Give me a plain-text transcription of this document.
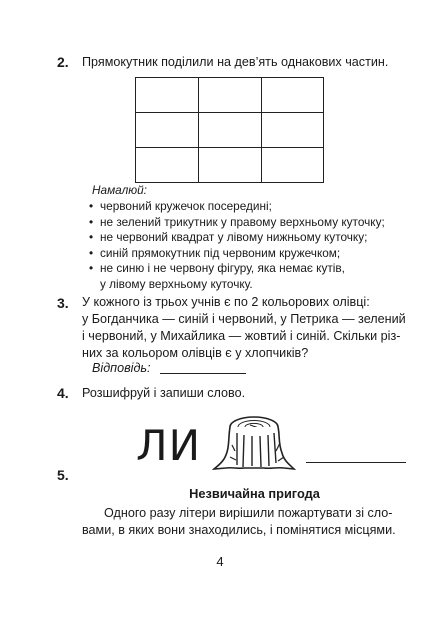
2. Прямокутник поділили на дев’ять однакових частин.
Намалюй:
• червоний кружечок посередині;
• не зелений трикутник у правому верхньому куточку;
• не червоний квадрат у лівому нижньому куточку;
• синій прямокутник під червоним кружечком;
• не синю і не червону фігуру, яка немає кутів,
у лівому верхньому куточку.
3. У кожного із трьох учнів є по 2 кольорових олівці:
у Богданчика — синій і червоний, у Петрика — зелений
і червоний, у Михайлика — жовтий і синій. Скільки різ-
них за кольором олівців є у хлопчиків?
Відповідь:
4. Розшифруй і запиши слово.
ЛИ
5.
Незвичайна пригода
Одного разу літери вирішили пожартувати зі сло-
вами, в яких вони знаходились, і помінятися місцями.
4
